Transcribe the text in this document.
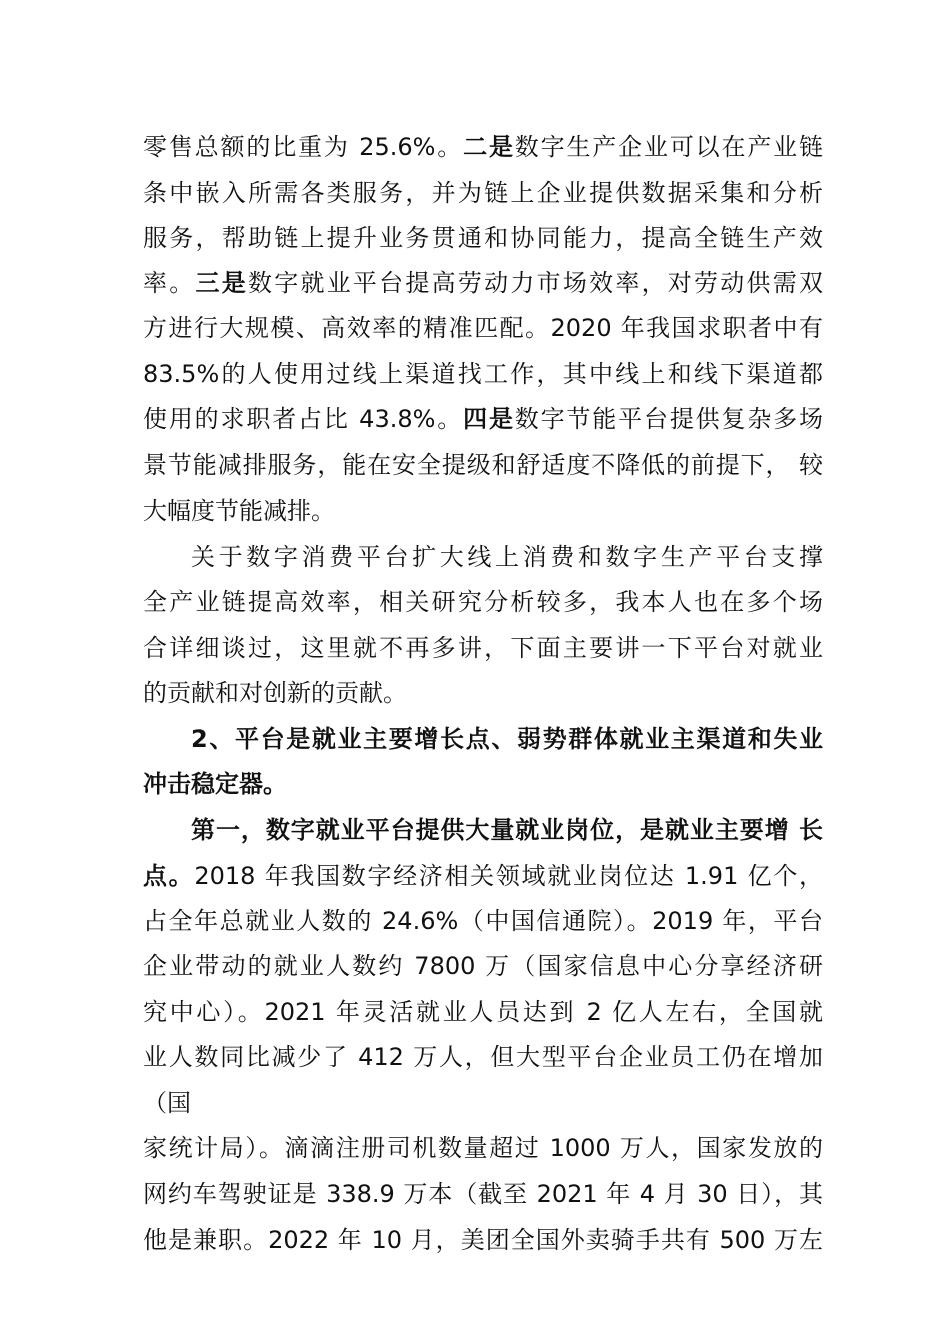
零售总额的比重为 25.6%。二是数字生产企业可以在产业链
条中嵌入所需各类服务，并为链上企业提供数据采集和分析
服务，帮助链上提升业务贯通和协同能力，提高全链生产效
率。三是数字就业平台提高劳动力市场效率，对劳动供需双
方进行大规模、高效率的精准匹配。2020 年我国求职者中有
83.5%的人使用过线上渠道找工作，其中线上和线下渠道都
使用的求职者占比 43.8%。四是数字节能平台提供复杂多场
景节能减排服务，能在安全提级和舒适度不降低的前提下， 较
大幅度节能减排。
关于数字消费平台扩大线上消费和数字生产平台支撑
全产业链提高效率，相关研究分析较多，我本人也在多个场
合详细谈过，这里就不再多讲，下面主要讲一下平台对就业
的贡献和对创新的贡献。
2、平台是就业主要增长点、弱势群体就业主渠道和失业
冲击稳定器。
第一，数字就业平台提供大量就业岗位，是就业主要增 长
点。2018 年我国数字经济相关领域就业岗位达 1.91 亿个，
占全年总就业人数的 24.6%（中国信通院）。2019 年，平台
企业带动的就业人数约 7800 万（国家信息中心分享经济研
究中心）。2021 年灵活就业人员达到 2 亿人左右，全国就
业人数同比减少了 412 万人，但大型平台企业员工仍在增加
（国
家统计局）。滴滴注册司机数量超过 1000 万人，国家发放的
网约车驾驶证是 338.9 万本（截至 2021 年 4 月 30 日），其
他是兼职。2022 年 10 月，美团全国外卖骑手共有 500 万左
